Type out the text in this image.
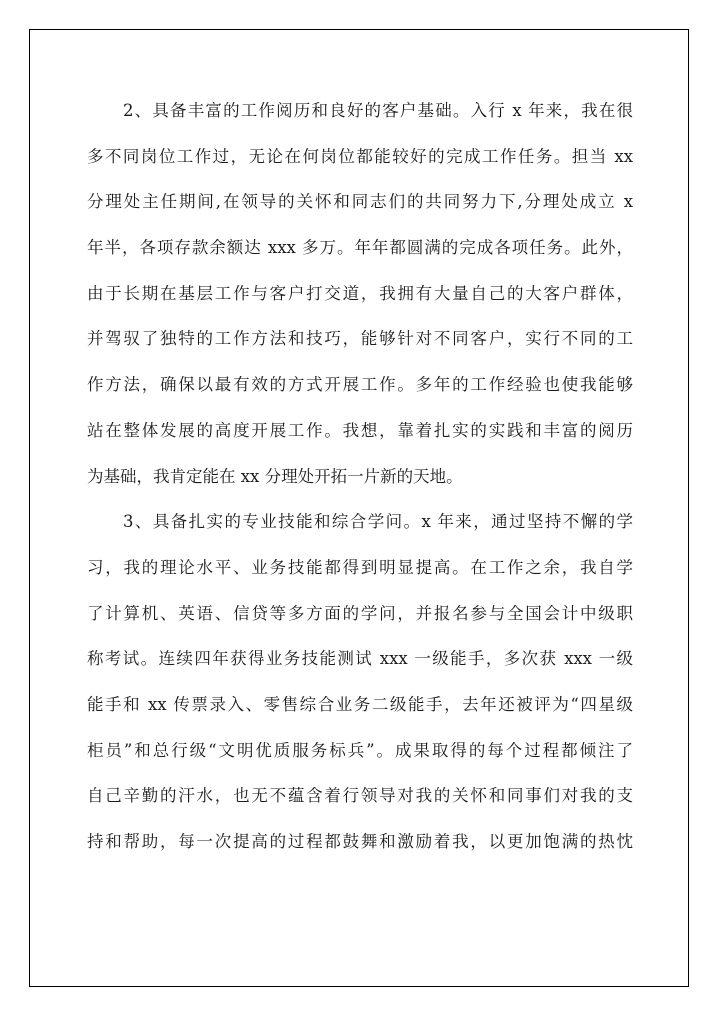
2、具备丰富的工作阅历和良好的客户基础。入行 x 年来，我在很
多不同岗位工作过，无论在何岗位都能较好的完成工作任务。担当 xx
分理处主任期间,在领导的关怀和同志们的共同努力下,分理处成立 x
年半，各项存款余额达 xxx 多万。年年都圆满的完成各项任务。此外，
由于长期在基层工作与客户打交道，我拥有大量自己的大客户群体，
并驾驭了独特的工作方法和技巧，能够针对不同客户，实行不同的工
作方法，确保以最有效的方式开展工作。多年的工作经验也使我能够
站在整体发展的高度开展工作。我想，靠着扎实的实践和丰富的阅历
为基础，我肯定能在 xx 分理处开拓一片新的天地。
3、具备扎实的专业技能和综合学问。x 年来，通过坚持不懈的学
习，我的理论水平、业务技能都得到明显提高。在工作之余，我自学
了计算机、英语、信贷等多方面的学问，并报名参与全国会计中级职
称考试。连续四年获得业务技能测试 xxx 一级能手，多次获 xxx 一级
能手和 xx 传票录入、零售综合业务二级能手，去年还被评为“四星级
柜员”和总行级“文明优质服务标兵”。成果取得的每个过程都倾注了
自己辛勤的汗水，也无不蕴含着行领导对我的关怀和同事们对我的支
持和帮助，每一次提高的过程都鼓舞和激励着我，以更加饱满的热忱
